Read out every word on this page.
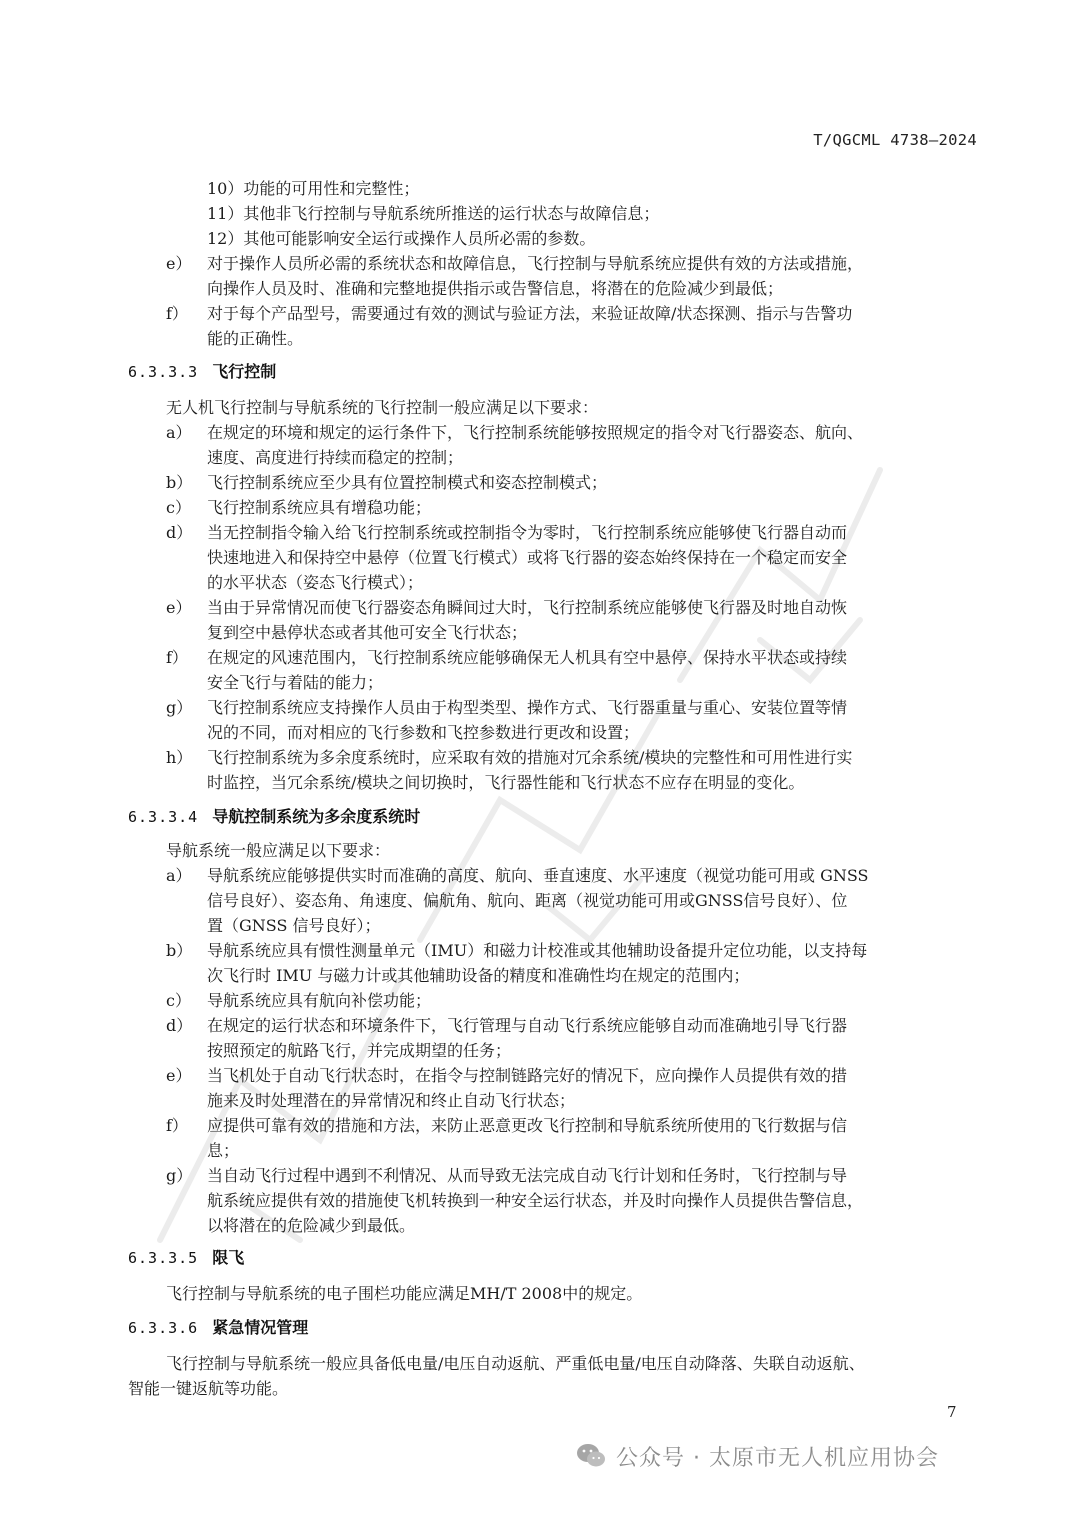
T/QGCML 4738—2024
10）功能的可用性和完整性；
11）其他非飞行控制与导航系统所推送的运行状态与故障信息；
12）其他可能影响安全运行或操作人员所必需的参数。
e） 对于操作人员所必需的系统状态和故障信息，飞行控制与导航系统应提供有效的方法或措施，
向操作人员及时、准确和完整地提供指示或告警信息，将潜在的危险减少到最低；
f） 对于每个产品型号，需要通过有效的测试与验证方法，来验证故障/状态探测、指示与告警功
能的正确性。
6.3.3.3 飞行控制
无人机飞行控制与导航系统的飞行控制一般应满足以下要求：
a） 在规定的环境和规定的运行条件下，飞行控制系统能够按照规定的指令对飞行器姿态、航向、
速度、高度进行持续而稳定的控制；
b） 飞行控制系统应至少具有位置控制模式和姿态控制模式；
c） 飞行控制系统应具有增稳功能；
d） 当无控制指令输入给飞行控制系统或控制指令为零时，飞行控制系统应能够使飞行器自动而
快速地进入和保持空中悬停（位置飞行模式）或将飞行器的姿态始终保持在一个稳定而安全
的水平状态（姿态飞行模式）；
e） 当由于异常情况而使飞行器姿态角瞬间过大时，飞行控制系统应能够使飞行器及时地自动恢
复到空中悬停状态或者其他可安全飞行状态；
f） 在规定的风速范围内，飞行控制系统应能够确保无人机具有空中悬停、保持水平状态或持续
安全飞行与着陆的能力；
g） 飞行控制系统应支持操作人员由于构型类型、操作方式、飞行器重量与重心、安装位置等情
况的不同，而对相应的飞行参数和飞控参数进行更改和设置；
h） 飞行控制系统为多余度系统时，应采取有效的措施对冗余系统/模块的完整性和可用性进行实
时监控，当冗余系统/模块之间切换时，飞行器性能和飞行状态不应存在明显的变化。
6.3.3.4 导航控制系统为多余度系统时
导航系统一般应满足以下要求：
a） 导航系统应能够提供实时而准确的高度、航向、垂直速度、水平速度（视觉功能可用或 GNSS
信号良好）、姿态角、角速度、偏航角、航向、距离（视觉功能可用或GNSS信号良好）、位
置（GNSS 信号良好）；
b） 导航系统应具有惯性测量单元（IMU）和磁力计校准或其他辅助设备提升定位功能，以支持每
次飞行时 IMU 与磁力计或其他辅助设备的精度和准确性均在规定的范围内；
c） 导航系统应具有航向补偿功能；
d） 在规定的运行状态和环境条件下，飞行管理与自动飞行系统应能够自动而准确地引导飞行器
按照预定的航路飞行，并完成期望的任务；
e） 当飞机处于自动飞行状态时，在指令与控制链路完好的情况下，应向操作人员提供有效的措
施来及时处理潜在的异常情况和终止自动飞行状态；
f） 应提供可靠有效的措施和方法，来防止恶意更改飞行控制和导航系统所使用的飞行数据与信
息；
g） 当自动飞行过程中遇到不利情况、从而导致无法完成自动飞行计划和任务时，飞行控制与导
航系统应提供有效的措施使飞机转换到一种安全运行状态，并及时向操作人员提供告警信息，
以将潜在的危险减少到最低。
6.3.3.5 限飞
飞行控制与导航系统的电子围栏功能应满足MH/T 2008中的规定。
6.3.3.6 紧急情况管理
飞行控制与导航系统一般应具备低电量/电压自动返航、严重低电量/电压自动降落、失联自动返航、
智能一键返航等功能。
7
公众号 · 太原市无人机应用协会
